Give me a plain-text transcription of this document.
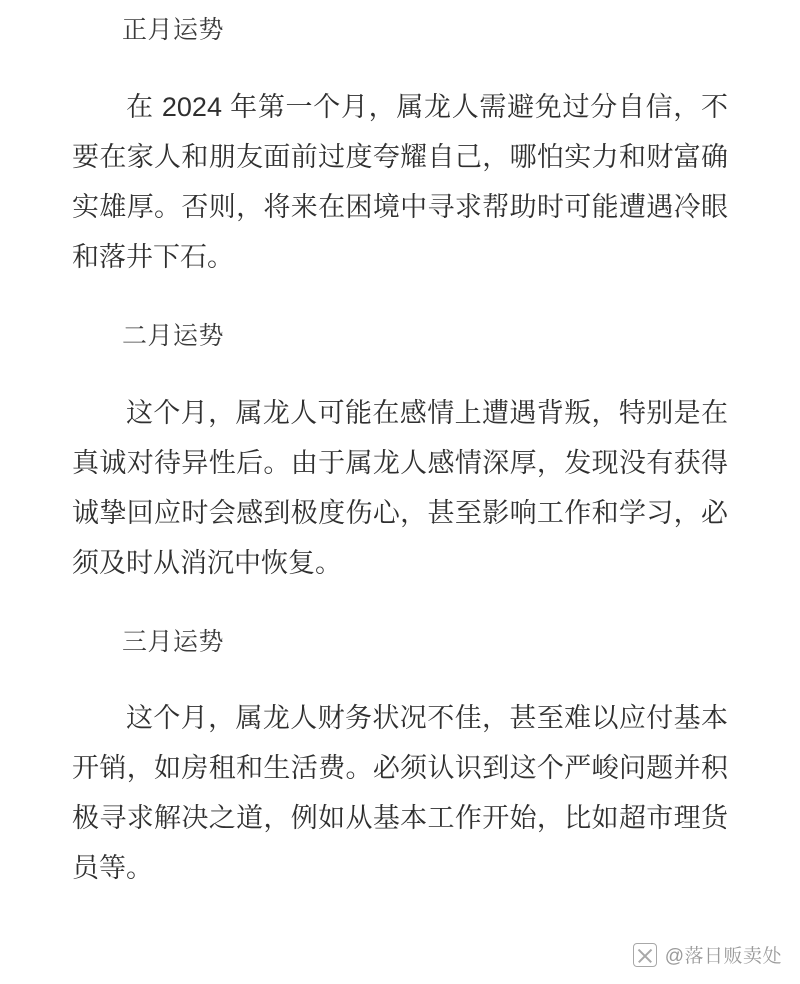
正月运势

在 2024 年第一个月，属龙人需避免过分自信，不要在家人和朋友面前过度夸耀自己，哪怕实力和财富确实雄厚。否则，将来在困境中寻求帮助时可能遭遇冷眼和落井下石。

二月运势

这个月，属龙人可能在感情上遭遇背叛，特别是在真诚对待异性后。由于属龙人感情深厚，发现没有获得诚挚回应时会感到极度伤心，甚至影响工作和学习，必须及时从消沉中恢复。

三月运势

这个月，属龙人财务状况不佳，甚至难以应付基本开销，如房租和生活费。必须认识到这个严峻问题并积极寻求解决之道，例如从基本工作开始，比如超市理货员等。

@落日贩卖处
